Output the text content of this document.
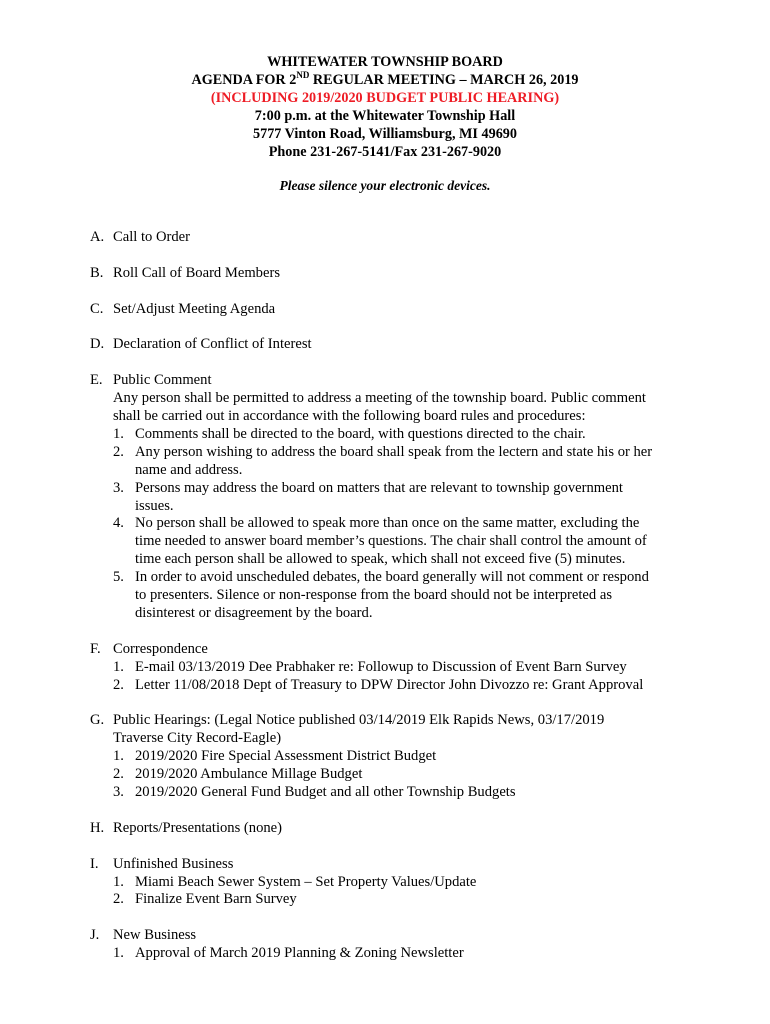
WHITEWATER TOWNSHIP BOARD
AGENDA FOR 2ND REGULAR MEETING – MARCH 26, 2019
(INCLUDING 2019/2020 BUDGET PUBLIC HEARING)
7:00 p.m. at the Whitewater Township Hall
5777 Vinton Road, Williamsburg, MI 49690
Phone 231-267-5141/Fax 231-267-9020
Please silence your electronic devices.
A. Call to Order
B. Roll Call of Board Members
C. Set/Adjust Meeting Agenda
D. Declaration of Conflict of Interest
E. Public Comment
Any person shall be permitted to address a meeting of the township board. Public comment
shall be carried out in accordance with the following board rules and procedures:
1. Comments shall be directed to the board, with questions directed to the chair.
2. Any person wishing to address the board shall speak from the lectern and state his or her
name and address.
3. Persons may address the board on matters that are relevant to township government
issues.
4. No person shall be allowed to speak more than once on the same matter, excluding the
time needed to answer board member’s questions. The chair shall control the amount of
time each person shall be allowed to speak, which shall not exceed five (5) minutes.
5. In order to avoid unscheduled debates, the board generally will not comment or respond
to presenters. Silence or non-response from the board should not be interpreted as
disinterest or disagreement by the board.
F. Correspondence
1. E-mail 03/13/2019 Dee Prabhaker re: Followup to Discussion of Event Barn Survey
2. Letter 11/08/2018 Dept of Treasury to DPW Director John Divozzo re: Grant Approval
G. Public Hearings: (Legal Notice published 03/14/2019 Elk Rapids News, 03/17/2019
Traverse City Record-Eagle)
1. 2019/2020 Fire Special Assessment District Budget
2. 2019/2020 Ambulance Millage Budget
3. 2019/2020 General Fund Budget and all other Township Budgets
H. Reports/Presentations (none)
I. Unfinished Business
1. Miami Beach Sewer System – Set Property Values/Update
2. Finalize Event Barn Survey
J. New Business
1. Approval of March 2019 Planning & Zoning Newsletter
